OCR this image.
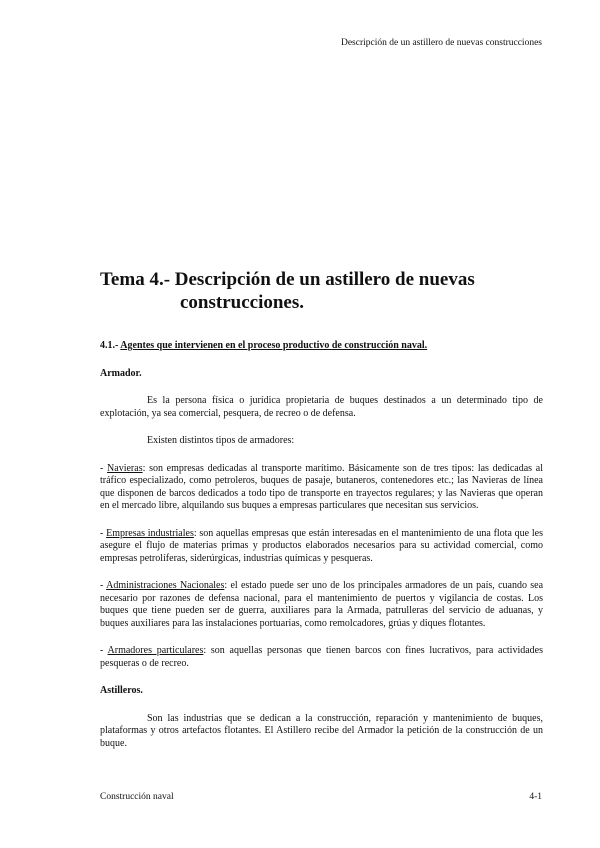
Descripción de un astillero de nuevas construcciones
Tema 4.- Descripción de un astillero de nuevas
construcciones.

4.1.- Agentes que intervienen en el proceso productivo de construcción naval.

Armador.

Es la persona física o jurídica propietaria de buques destinados a un determinado tipo de explotación, ya sea comercial, pesquera, de recreo o de defensa.

Existen distintos tipos de armadores:

- Navieras: son empresas dedicadas al transporte marítimo. Básicamente son de tres tipos: las dedicadas al tráfico especializado, como petroleros, buques de pasaje, butaneros, contenedores etc.; las Navieras de línea que disponen de barcos dedicados a todo tipo de transporte en trayectos regulares; y las Navieras que operan en el mercado libre, alquilando sus buques a empresas particulares que necesitan sus servicios.

- Empresas industriales: son aquellas empresas que están interesadas en el mantenimiento de una flota que les asegure el flujo de materias primas y productos elaborados necesarios para su actividad comercial, como empresas petrolíferas, siderúrgicas, industrias químicas y pesqueras.

- Administraciones Nacionales: el estado puede ser uno de los principales armadores de un país, cuando sea necesario por razones de defensa nacional, para el mantenimiento de puertos y vigilancia de costas. Los buques que tiene pueden ser de guerra, auxiliares para la Armada, patrulleras del servicio de aduanas, y buques auxiliares para las instalaciones portuarias, como remolcadores, grúas y diques flotantes.

- Armadores particulares: son aquellas personas que tienen barcos con fines lucrativos, para actividades pesqueras o de recreo.

Astilleros.

Son las industrias que se dedican a la construcción, reparación y mantenimiento de buques, plataformas y otros artefactos flotantes. El Astillero recibe del Armador la petición de la construcción de un buque.

Construcción naval	4-1
